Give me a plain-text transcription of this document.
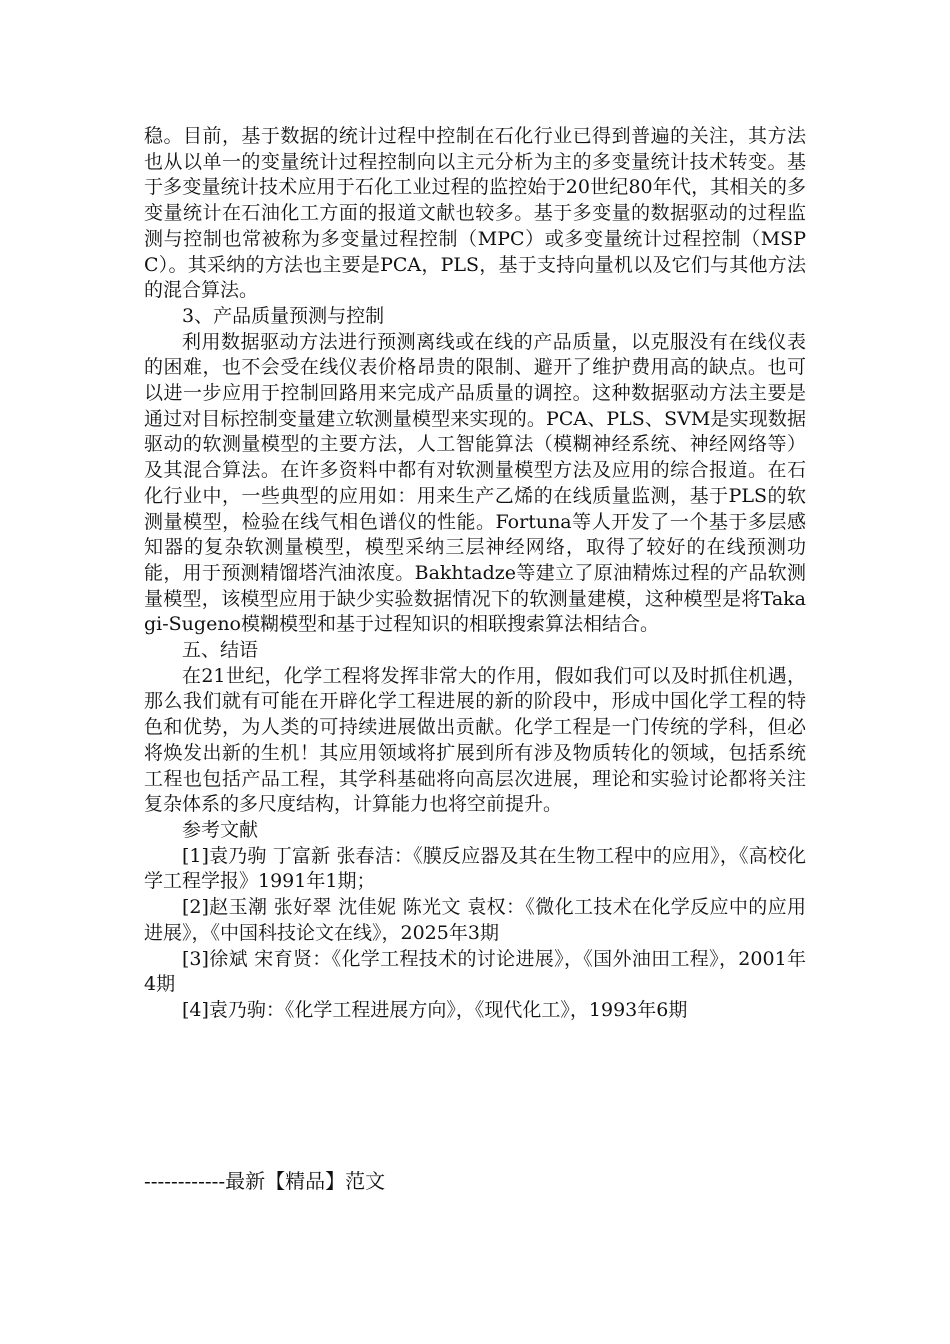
稳。目前，基于数据的统计过程中控制在石化行业已得到普遍的关注，其方法也从以单一的变量统计过程控制向以主元分析为主的多变量统计技术转变。基于多变量统计技术应用于石化工业过程的监控始于20世纪80年代，其相关的多变量统计在石油化工方面的报道文献也较多。基于多变量的数据驱动的过程监测与控制也常被称为多变量过程控制（MPC）或多变量统计过程控制（MSPC）。其采纳的方法也主要是PCA，PLS，基于支持向量机以及它们与其他方法的混合算法。

3、产品质量预测与控制

利用数据驱动方法进行预测离线或在线的产品质量，以克服没有在线仪表的困难，也不会受在线仪表价格昂贵的限制、避开了维护费用高的缺点。也可以进一步应用于控制回路用来完成产品质量的调控。这种数据驱动方法主要是通过对目标控制变量建立软测量模型来实现的。PCA、PLS、SVM是实现数据驱动的软测量模型的主要方法，人工智能算法（模糊神经系统、神经网络等）及其混合算法。在许多资料中都有对软测量模型方法及应用的综合报道。在石化行业中，一些典型的应用如：用来生产乙烯的在线质量监测，基于PLS的软测量模型，检验在线气相色谱仪的性能。Fortuna等人开发了一个基于多层感知器的复杂软测量模型，模型采纳三层神经网络，取得了较好的在线预测功能，用于预测精馏塔汽油浓度。Bakhtadze等建立了原油精炼过程的产品软测量模型，该模型应用于缺少实验数据情况下的软测量建模，这种模型是将Takagi-Sugeno模糊模型和基于过程知识的相联搜索算法相结合。

五、结语

在21世纪，化学工程将发挥非常大的作用，假如我们可以及时抓住机遇，那么我们就有可能在开辟化学工程进展的新的阶段中，形成中国化学工程的特色和优势，为人类的可持续进展做出贡献。化学工程是一门传统的学科，但必将焕发出新的生机！其应用领域将扩展到所有涉及物质转化的领域，包括系统工程也包括产品工程，其学科基础将向高层次进展，理论和实验讨论都将关注复杂体系的多尺度结构，计算能力也将空前提升。

参考文献

[1]袁乃驹 丁富新 张春洁：《膜反应器及其在生物工程中的应用》，《高校化学工程学报》1991年1期；

[2]赵玉潮 张好翠 沈佳妮 陈光文 袁权：《微化工技术在化学反应中的应用进展》，《中国科技论文在线》，2025年3期

[3]徐斌 宋育贤：《化学工程技术的讨论进展》，《国外油田工程》，2001年4期

[4]袁乃驹：《化学工程进展方向》，《现代化工》，1993年6期

------------最新【精品】范文
